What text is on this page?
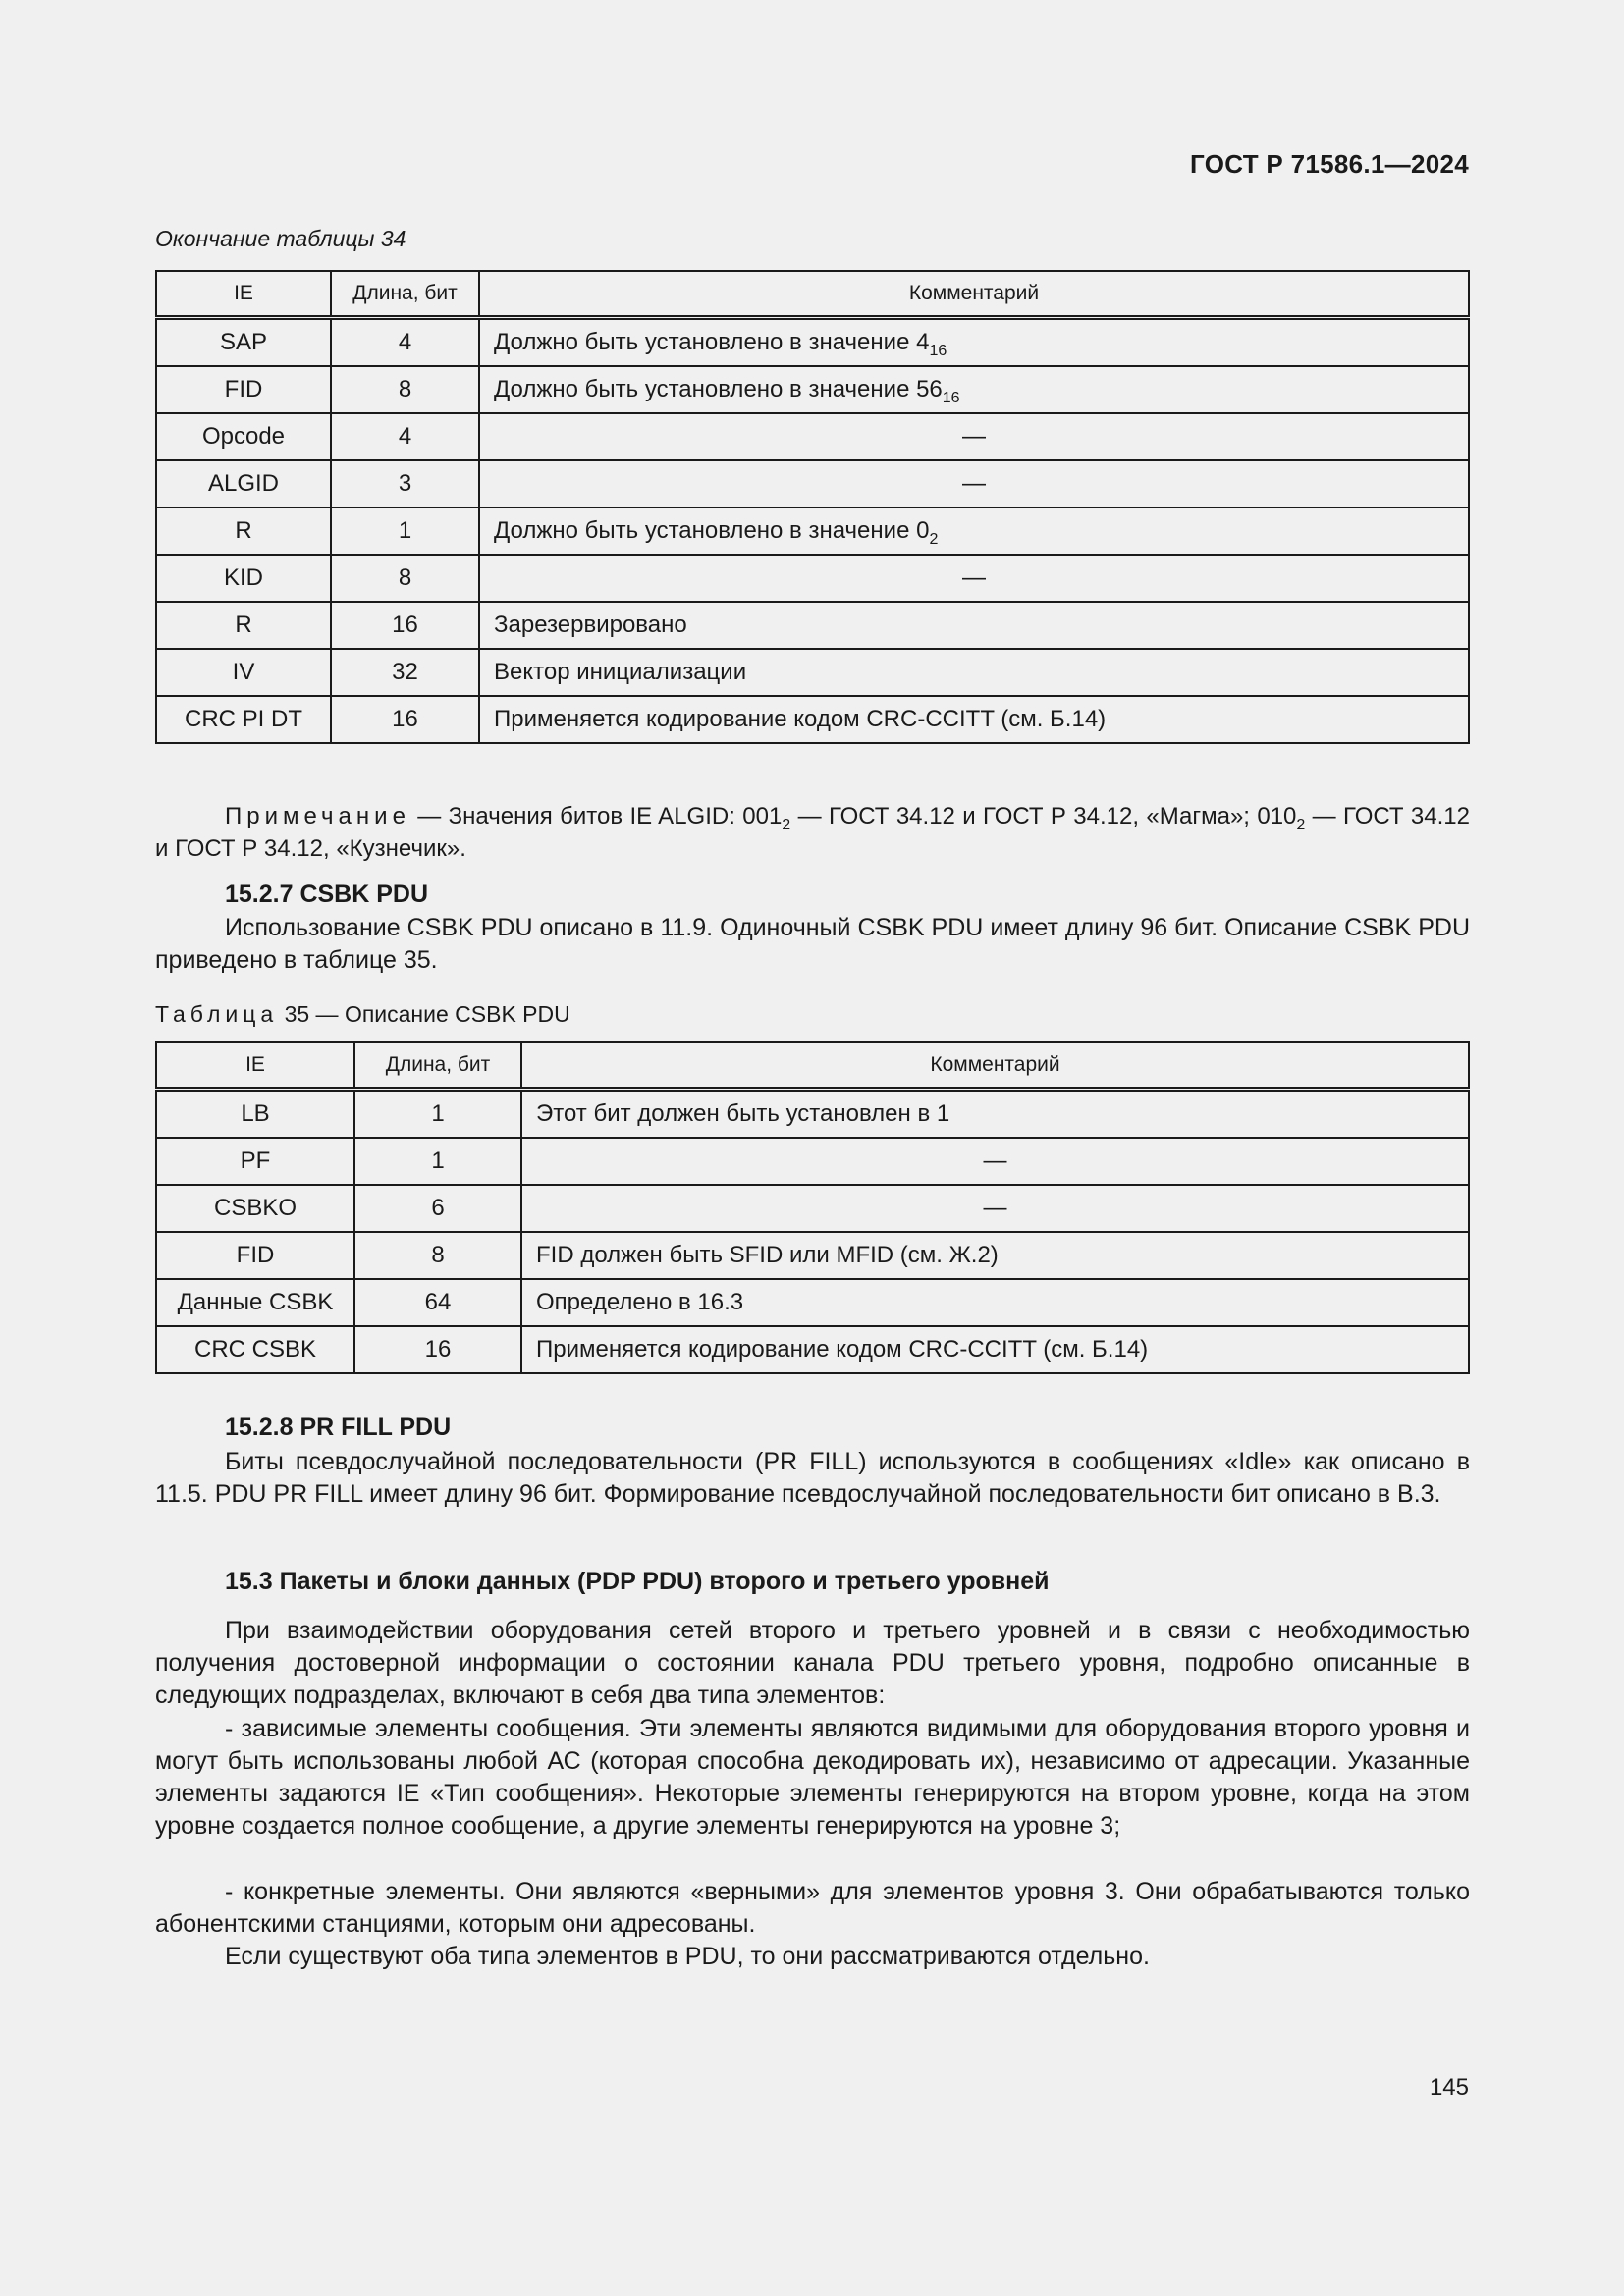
ГОСТ Р 71586.1—2024
Окончание таблицы 34
IE	Длина, бит	Комментарий
SAP	4	Должно быть установлено в значение $4_{16}$
FID	8	Должно быть установлено в значение $56_{16}$
Opcode	4	—
ALGID	3	—
R	1	Должно быть установлено в значение $0_2$
KID	8	—
R	16	Зарезервировано
IV	32	Вектор инициализации
CRC PI DT	16	Применяется кодирование кодом CRC-CCITT (см. Б.14)
Примечание — Значения битов IE ALGID: $001_2$ — ГОСТ 34.12 и ГОСТ Р 34.12, «Магма»; $010_2$ — ГОСТ 34.12 и ГОСТ Р 34.12, «Кузнечик».
15.2.7 CSBK PDU
Использование CSBK PDU описано в 11.9. Одиночный CSBK PDU имеет длину 96 бит. Описание CSBK PDU приведено в таблице 35.
Таблица 35 — Описание CSBK PDU
IE	Длина, бит	Комментарий
LB	1	Этот бит должен быть установлен в 1
PF	1	—
CSBKO	6	—
FID	8	FID должен быть SFID или MFID (см. Ж.2)
Данные CSBK	64	Определено в 16.3
CRC CSBK	16	Применяется кодирование кодом CRC-CCITT (см. Б.14)
15.2.8 PR FILL PDU
Биты псевдослучайной последовательности (PR FILL) используются в сообщениях «Idle» как описано в 11.5. PDU PR FILL имеет длину 96 бит. Формирование псевдослучайной последовательности бит описано в В.3.
15.3 Пакеты и блоки данных (PDP PDU) второго и третьего уровней
При взаимодействии оборудования сетей второго и третьего уровней и в связи с необходимостью получения достоверной информации о состоянии канала PDU третьего уровня, подробно описанные в следующих подразделах, включают в себя два типа элементов:
- зависимые элементы сообщения. Эти элементы являются видимыми для оборудования второго уровня и могут быть использованы любой АС (которая способна декодировать их), независимо от адресации. Указанные элементы задаются IE «Тип сообщения». Некоторые элементы генерируются на втором уровне, когда на этом уровне создается полное сообщение, а другие элементы генерируются на уровне 3;
- конкретные элементы. Они являются «верными» для элементов уровня 3. Они обрабатываются только абонентскими станциями, которым они адресованы.
Если существуют оба типа элементов в PDU, то они рассматриваются отдельно.
145
